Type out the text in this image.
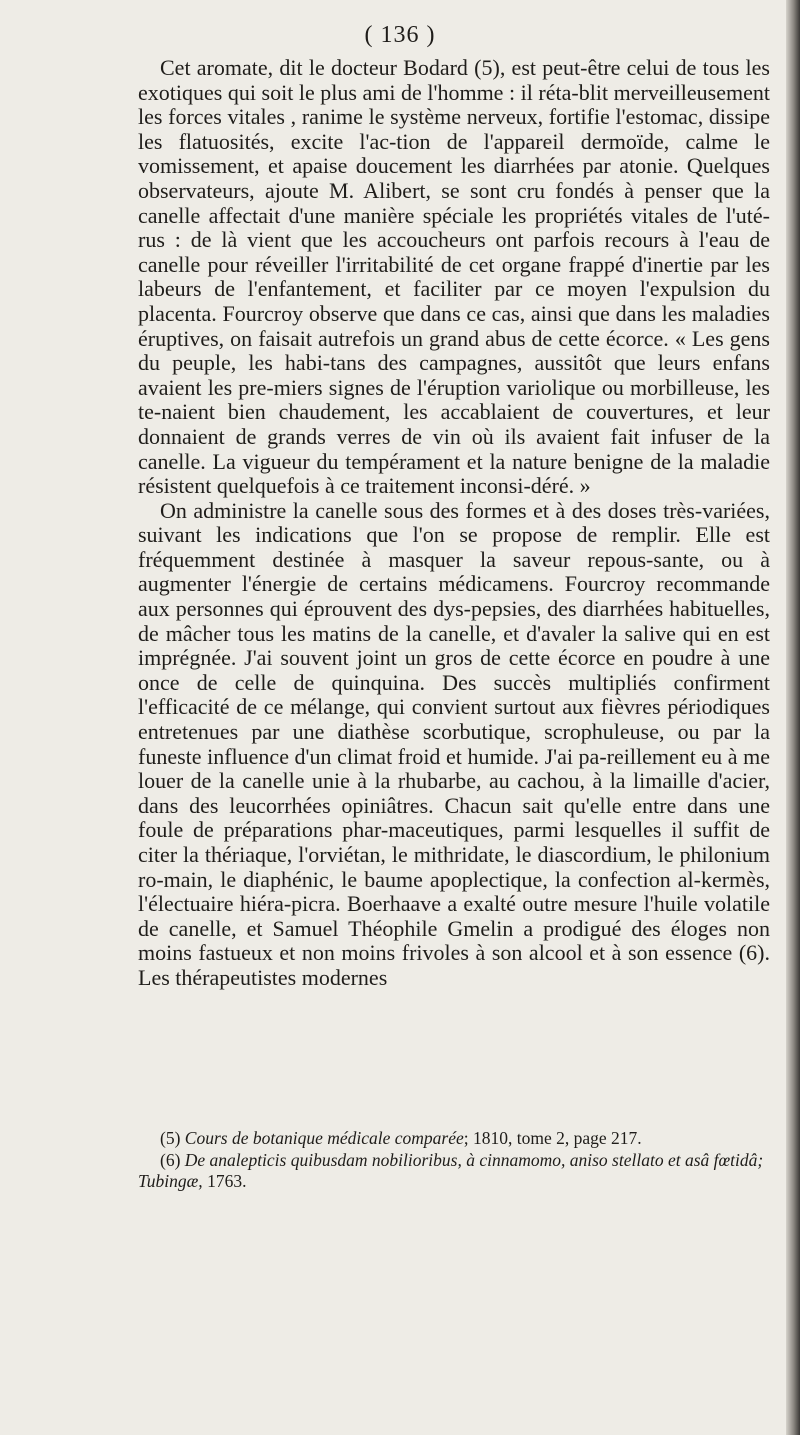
( 136 )

Cet aromate, dit le docteur Bodard (5), est peut-être celui de tous les exotiques qui soit le plus ami de l'homme : il réta-blit merveilleusement les forces vitales , ranime le système nerveux, fortifie l'estomac, dissipe les flatuosités, excite l'ac-tion de l'appareil dermoïde, calme le vomissement, et apaise doucement les diarrhées par atonie. Quelques observateurs, ajoute M. Alibert, se sont cru fondés à penser que la canelle affectait d'une manière spéciale les propriétés vitales de l'uté-rus : de là vient que les accoucheurs ont parfois recours à l'eau de canelle pour réveiller l'irritabilité de cet organe frappé d'inertie par les labeurs de l'enfantement, et faciliter par ce moyen l'expulsion du placenta. Fourcroy observe que dans ce cas, ainsi que dans les maladies éruptives, on faisait autrefois un grand abus de cette écorce. « Les gens du peuple, les habi-tans des campagnes, aussitôt que leurs enfans avaient les pre-miers signes de l'éruption variolique ou morbilleuse, les te-naient bien chaudement, les accablaient de couvertures, et leur donnaient de grands verres de vin où ils avaient fait infuser de la canelle. La vigueur du tempérament et la nature benigne de la maladie résistent quelquefois à ce traitement inconsi-déré. »

On administre la canelle sous des formes et à des doses très-variées, suivant les indications que l'on se propose de remplir. Elle est fréquemment destinée à masquer la saveur repous-sante, ou à augmenter l'énergie de certains médicamens. Fourcroy recommande aux personnes qui éprouvent des dys-pepsies, des diarrhées habituelles, de mâcher tous les matins de la canelle, et d'avaler la salive qui en est imprégnée. J'ai souvent joint un gros de cette écorce en poudre à une once de celle de quinquina. Des succès multipliés confirment l'efficacité de ce mélange, qui convient surtout aux fièvres périodiques entretenues par une diathèse scorbutique, scrophuleuse, ou par la funeste influence d'un climat froid et humide. J'ai pa-reillement eu à me louer de la canelle unie à la rhubarbe, au cachou, à la limaille d'acier, dans des leucorrhées opiniâtres. Chacun sait qu'elle entre dans une foule de préparations phar-maceutiques, parmi lesquelles il suffit de citer la thériaque, l'orviétan, le mithridate, le diascordium, le philonium ro-main, le diaphénic, le baume apoplectique, la confection al-kermès, l'électuaire hiéra-picra. Boerhaave a exalté outre mesure l'huile volatile de canelle, et Samuel Théophile Gmelin a prodigué des éloges non moins fastueux et non moins frivoles à son alcool et à son essence (6). Les thérapeutistes modernes

(5) Cours de botanique médicale comparée; 1810, tome 2, page 217.

(6) De analepticis quibusdam nobilioribus, à cinnamomo, aniso stellato et asâ fœtidâ; Tubingæ, 1763.
